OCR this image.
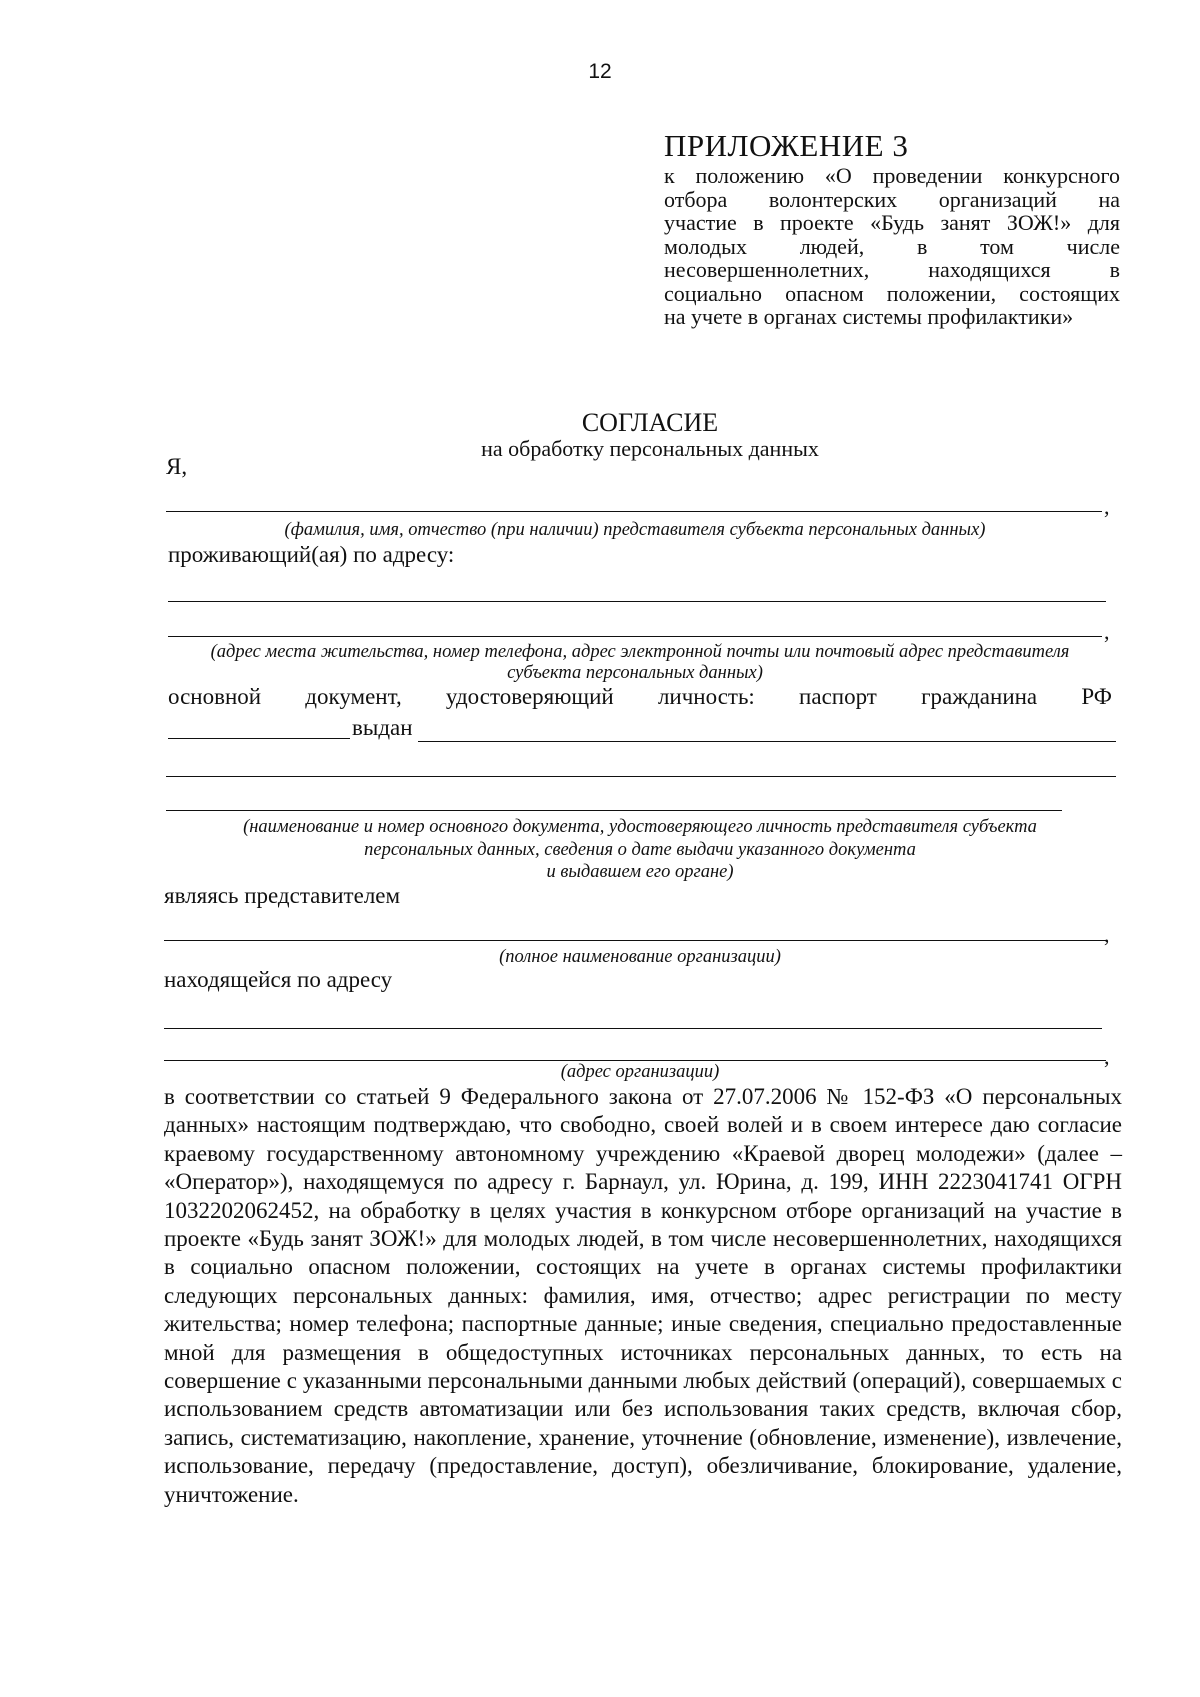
12
ПРИЛОЖЕНИЕ 3
к положению «О проведении конкурсного
отбора волонтерских организаций на
участие в проекте «Будь занят ЗОЖ!» для
молодых людей, в том числе
несовершеннолетних, находящихся в
социально опасном положении, состоящих
на учете в органах системы профилактики»
СОГЛАСИЕ
на обработку персональных данных
Я,
,
(фамилия, имя, отчество (при наличии) представителя субъекта персональных данных)
проживающий(ая) по адресу:
,
(адрес места жительства, номер телефона, адрес электронной почты или почтовый адрес представителя
субъекта персональных данных)
основной документ, удостоверяющий личность: паспорт гражданина РФ
выдан
(наименование и номер основного документа, удостоверяющего личность представителя субъекта
персональных данных, сведения о дате выдачи указанного документа
и выдавшем его органе)
являясь представителем
,
(полное наименование организации)
находящейся по адресу
,
(адрес организации)
в соответствии со статьей 9 Федерального закона от 27.07.2006 № 152-ФЗ «О персональных данных» настоящим подтверждаю, что свободно, своей волей и в своем интересе даю согласие краевому государственному автономному учреждению «Краевой дворец молодежи» (далее – «Оператор»), находящемуся по адресу г. Барнаул, ул. Юрина, д. 199, ИНН 2223041741 ОГРН 1032202062452, на обработку в целях участия в конкурсном отборе организаций на участие в проекте «Будь занят ЗОЖ!» для молодых людей, в том числе несовершеннолетних, находящихся в социально опасном положении, состоящих на учете в органах системы профилактики следующих персональных данных: фамилия, имя, отчество; адрес регистрации по месту жительства; номер телефона; паспортные данные; иные сведения, специально предоставленные мной для размещения в общедоступных источниках персональных данных, то есть на совершение с указанными персональными данными любых действий (операций), совершаемых с использованием средств автоматизации или без использования таких средств, включая сбор, запись, систематизацию, накопление, хранение, уточнение (обновление, изменение), извлечение, использование, передачу (предоставление, доступ), обезличивание, блокирование, удаление, уничтожение.
